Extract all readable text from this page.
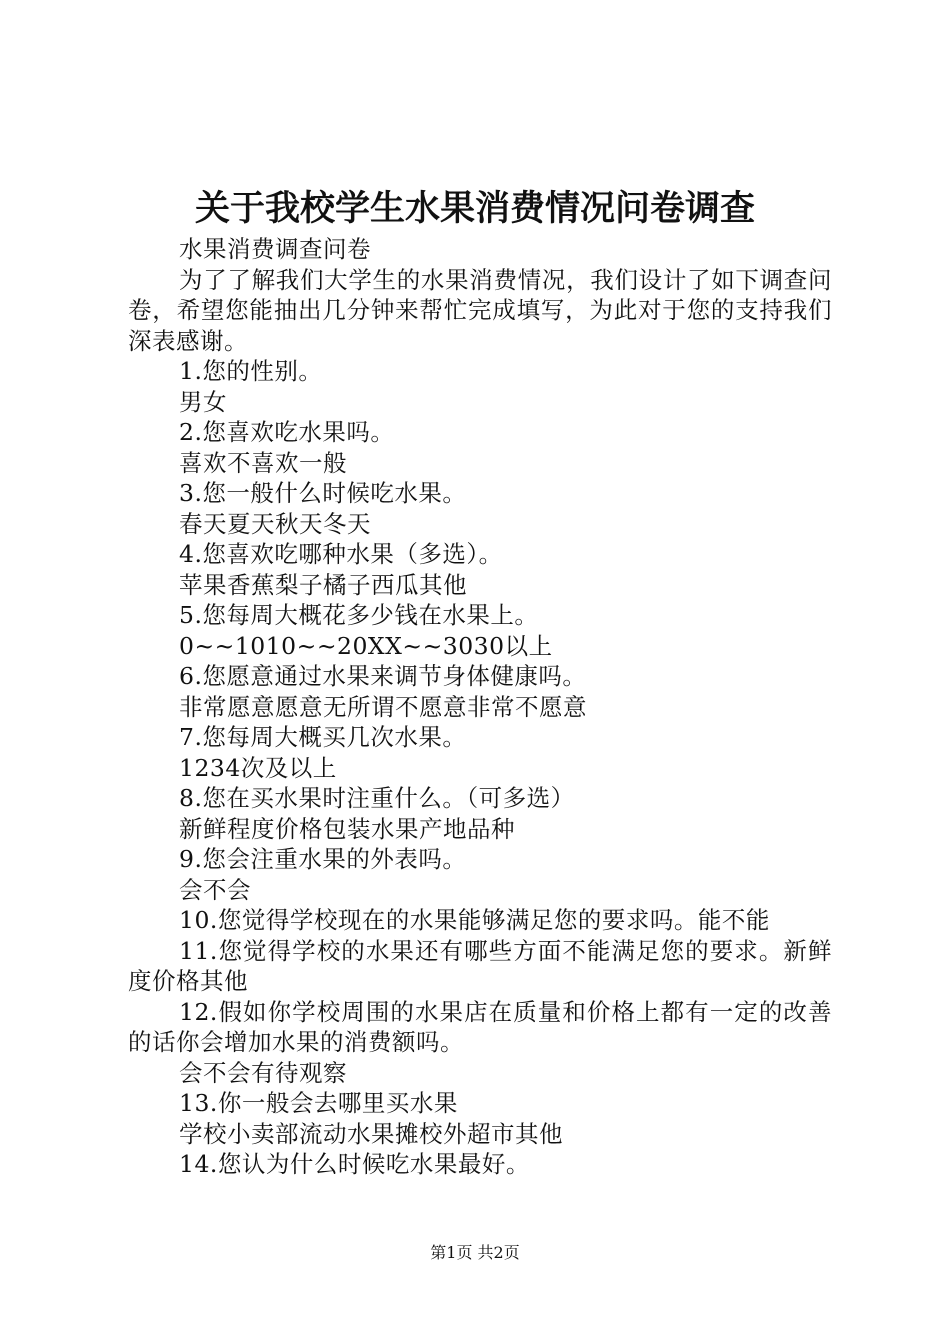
关于我校学生水果消费情况问卷调查

水果消费调查问卷

为了了解我们大学生的水果消费情况，我们设计了如下调查问卷，希望您能抽出几分钟来帮忙完成填写，为此对于您的支持我们深表感谢。

1.您的性别。

男女

2.您喜欢吃水果吗。

喜欢不喜欢一般

3.您一般什么时候吃水果。

春天夏天秋天冬天

4.您喜欢吃哪种水果（多选）。

苹果香蕉梨子橘子西瓜其他

5.您每周大概花多少钱在水果上。

0~~1010~~20XX~~3030以上

6.您愿意通过水果来调节身体健康吗。

非常愿意愿意无所谓不愿意非常不愿意

7.您每周大概买几次水果。

1234次及以上

8.您在买水果时注重什么。（可多选）

新鲜程度价格包装水果产地品种

9.您会注重水果的外表吗。

会不会

10.您觉得学校现在的水果能够满足您的要求吗。能不能

11.您觉得学校的水果还有哪些方面不能满足您的要求。新鲜度价格其他

12.假如你学校周围的水果店在质量和价格上都有一定的改善的话你会增加水果的消费额吗。

会不会有待观察

13.你一般会去哪里买水果

学校小卖部流动水果摊校外超市其他

14.您认为什么时候吃水果最好。

第1页 共2页
